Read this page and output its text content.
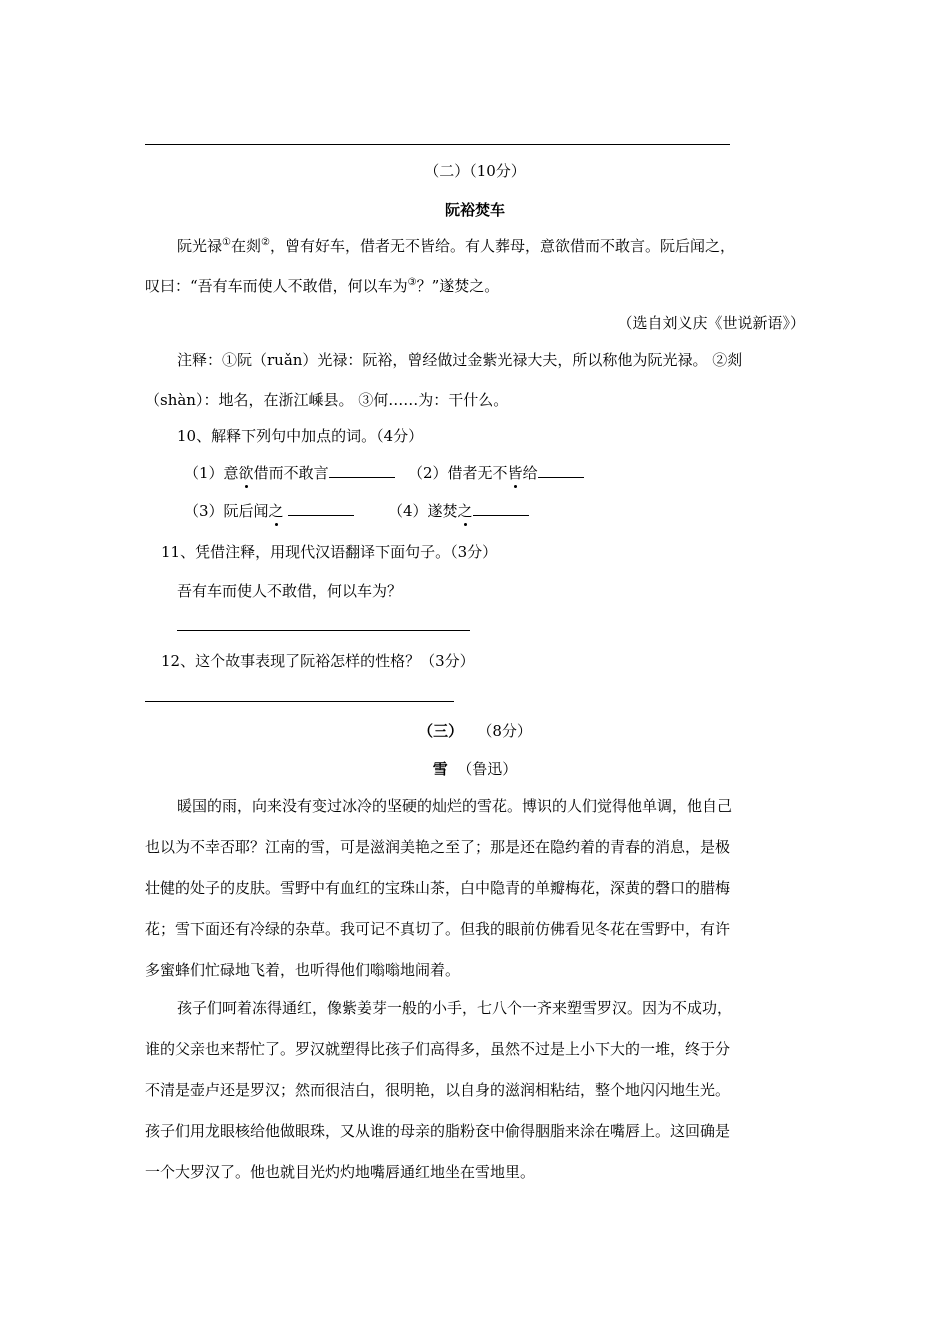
（二）（10分）
阮裕焚车
阮光禄①在剡②，曾有好车，借者无不皆给。有人葬母，意欲借而不敢言。阮后闻之，
叹曰：“吾有车而使人不敢借，何以车为③？”遂焚之。
（选自刘义庆《世说新语》）
注释：①阮（ruǎn）光禄：阮裕，曾经做过金紫光禄大夫，所以称他为阮光禄。 ②剡
（shàn）：地名，在浙江嵊县。 ③何……为：干什么。
10、解释下列句中加点的词。（4分）
（1）意欲借而不敢言	（2）借者无不皆给
（3）阮后闻之	（4）遂焚之
11、凭借注释，用现代汉语翻译下面句子。（3分）
吾有车而使人不敢借，何以车为？
12、这个故事表现了阮裕怎样的性格？（3分）
（三） （8分）
雪 （鲁迅）
暖国的雨，向来没有变过冰冷的坚硬的灿烂的雪花。博识的人们觉得他单调，他自己
也以为不幸否耶？江南的雪，可是滋润美艳之至了；那是还在隐约着的青春的消息，是极
壮健的处子的皮肤。雪野中有血红的宝珠山茶，白中隐青的单瓣梅花，深黄的磬口的腊梅
花；雪下面还有冷绿的杂草。我可记不真切了。但我的眼前仿佛看见冬花在雪野中，有许
多蜜蜂们忙碌地飞着，也听得他们嗡嗡地闹着。
孩子们呵着冻得通红，像紫姜芽一般的小手，七八个一齐来塑雪罗汉。因为不成功，
谁的父亲也来帮忙了。罗汉就塑得比孩子们高得多，虽然不过是上小下大的一堆，终于分
不清是壶卢还是罗汉；然而很洁白，很明艳，以自身的滋润相粘结，整个地闪闪地生光。
孩子们用龙眼核给他做眼珠，又从谁的母亲的脂粉奁中偷得胭脂来涂在嘴唇上。这回确是
一个大罗汉了。他也就目光灼灼地嘴唇通红地坐在雪地里。
